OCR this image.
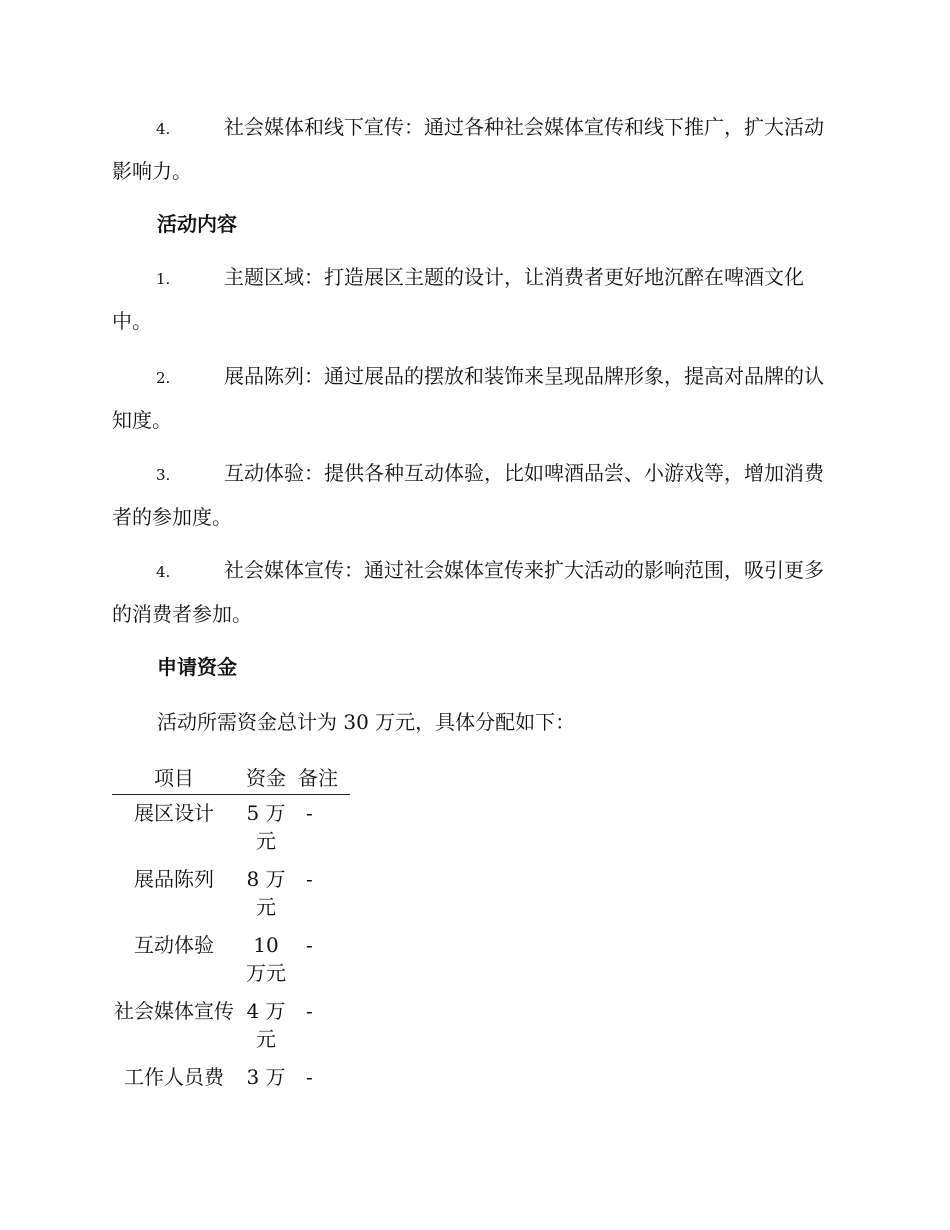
4.	社会媒体和线下宣传：通过各种社会媒体宣传和线下推广，扩大活动影响力。

活动内容

1.	主题区域：打造展区主题的设计，让消费者更好地沉醉在啤酒文化中。

2.	展品陈列：通过展品的摆放和装饰来呈现品牌形象，提高对品牌的认知度。

3.	互动体验：提供各种互动体验，比如啤酒品尝、小游戏等，增加消费者的参加度。

4.	社会媒体宣传：通过社会媒体宣传来扩大活动的影响范围，吸引更多的消费者参加。

申请资金

活动所需资金总计为 30 万元，具体分配如下：

项目	资金	备注
展区设计	5 万元	-
展品陈列	8 万元	-
互动体验	10 万元	-
社会媒体宣传	4 万元	-
工作人员费	3 万	-
